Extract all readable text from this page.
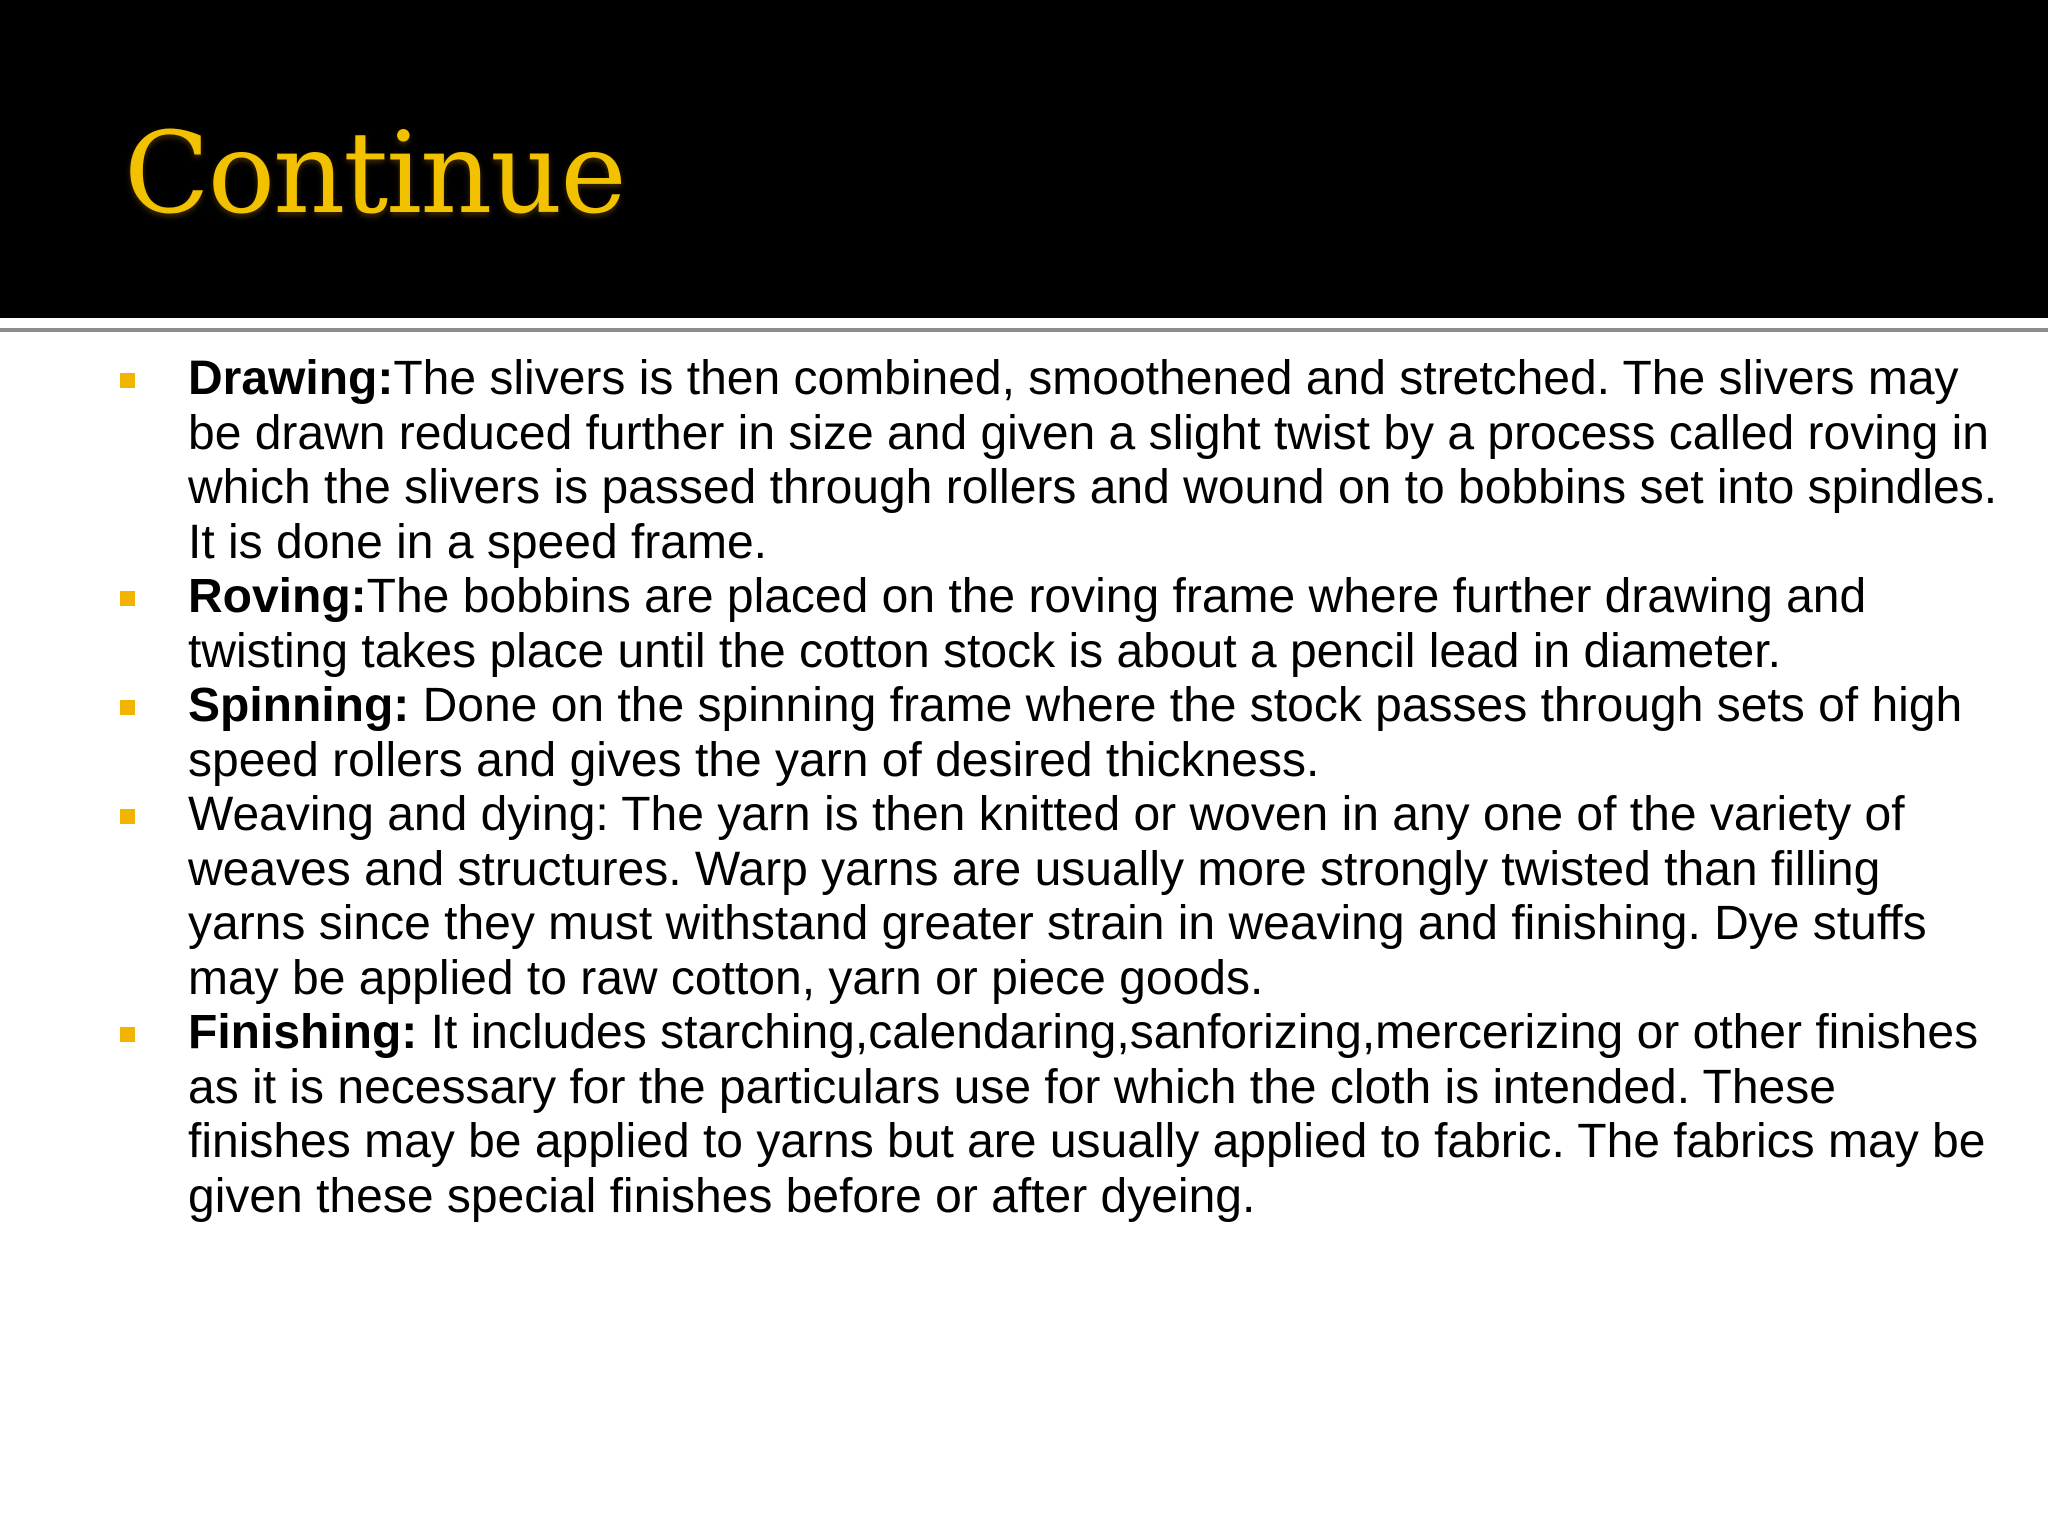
Continue
Drawing:The slivers is then combined, smoothened and stretched. The slivers may be drawn reduced further in size and given a slight twist by a process called roving in which the slivers is passed through rollers and wound on to bobbins set into spindles. It is done in a speed frame.
Roving:The bobbins are placed on the roving frame where further drawing and twisting takes place until the cotton stock is about a pencil lead in diameter.
Spinning: Done on the spinning frame where the stock passes through sets of high speed rollers and gives the yarn of desired thickness.
Weaving and dying: The yarn is then knitted or woven in any one of the variety of weaves and structures. Warp yarns are usually more strongly twisted than filling yarns since they must withstand greater strain in weaving and finishing. Dye stuffs may be applied to raw cotton, yarn or piece goods.
Finishing: It includes starching,calendaring,sanforizing,mercerizing or other finishes as it is necessary for the particulars use for which the cloth is intended. These finishes may be applied to yarns but are usually applied to fabric. The fabrics may be given these special finishes before or after dyeing.
